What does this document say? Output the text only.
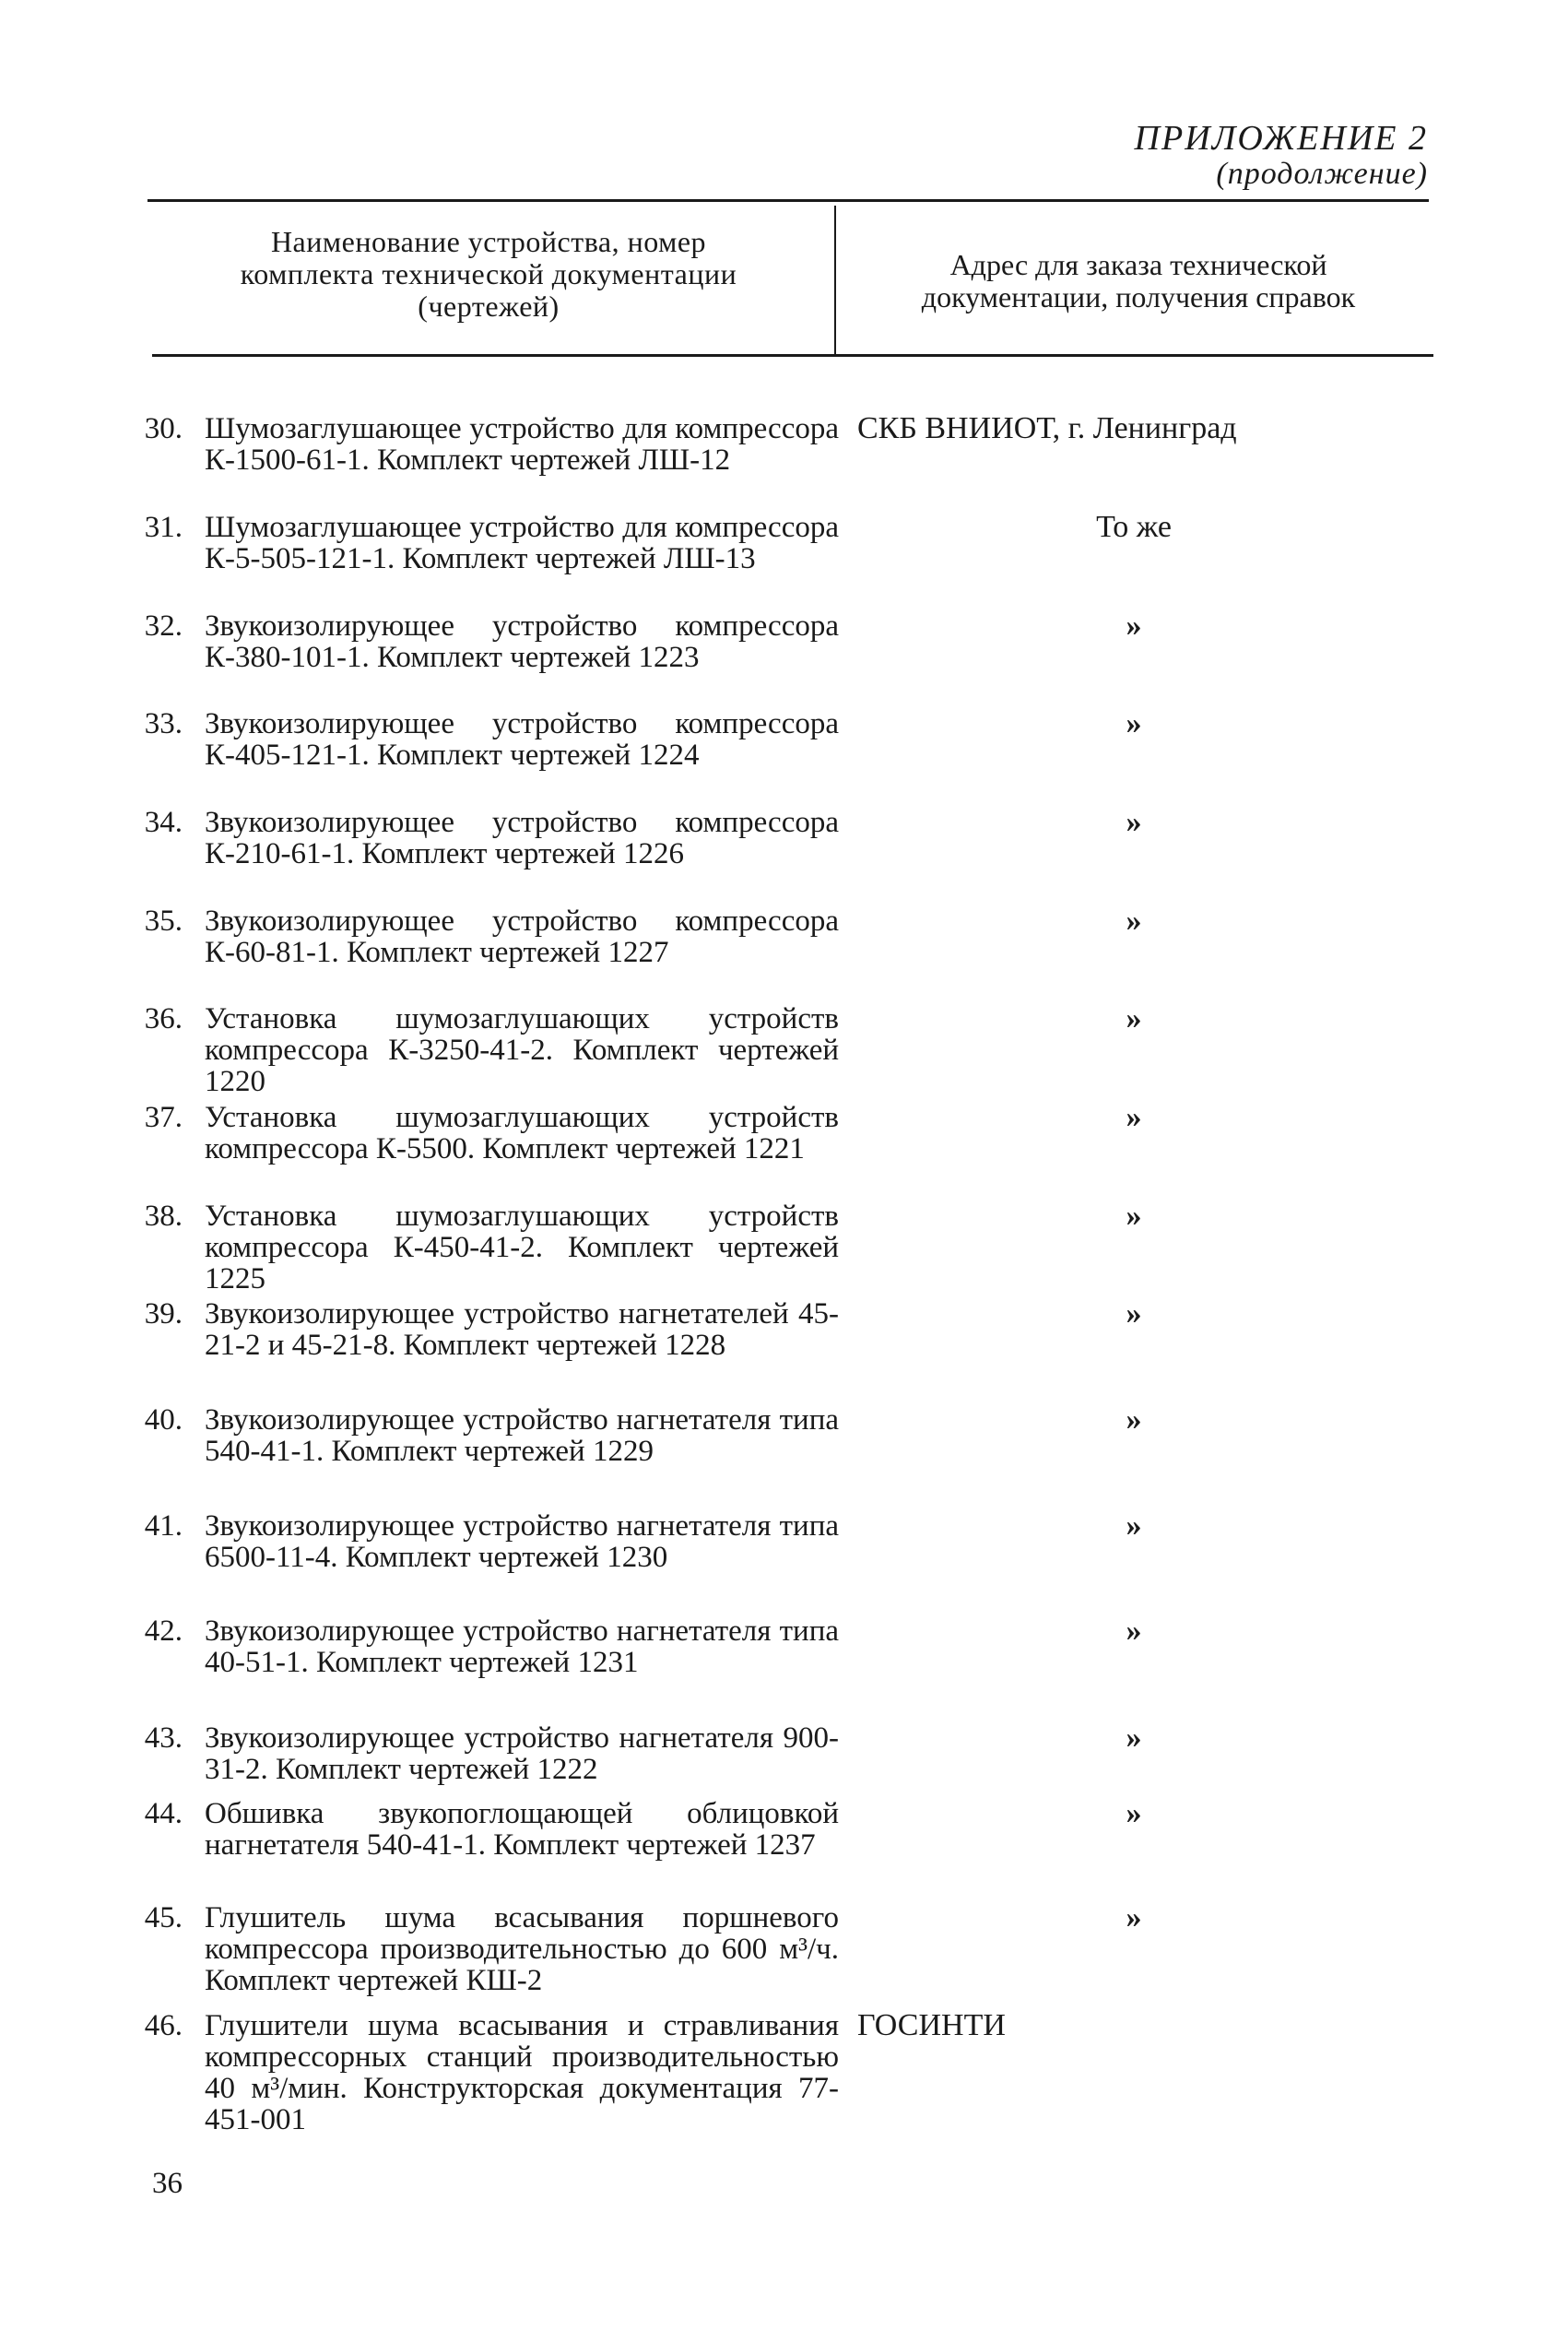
ПРИЛОЖЕНИЕ 2
(продолжение)
Наименование устройства, номер
комплекта технической документации
(чертежей)
Адрес для заказа технической
документации, получения справок
30. Шумозаглушающее устройство для компрессора К-1500-61-1. Комплект чертежей ЛШ-12
СКБ ВНИИОТ, г. Ленинград
31. Шумозаглушающее устройство для компрессора К-5-505-121-1. Комплект чертежей ЛШ-13
То же
32. Звукоизолирующее устройство компрессора К-380-101-1. Комплект чертежей 1223
»
33. Звукоизолирующее устройство компрессора К-405-121-1. Комплект чертежей 1224
»
34. Звукоизолирующее устройство компрессора К-210-61-1. Комплект чертежей 1226
»
35. Звукоизолирующее устройство компрессора К-60-81-1. Комплект чертежей 1227
»
36. Установка шумозаглушающих устройств компрессора К-3250-41-2. Комплект чертежей 1220
»
37. Установка шумозаглушающих устройств компрессора К-5500. Комплект чертежей 1221
»
38. Установка шумозаглушающих устройств компрессора К-450-41-2. Комплект чертежей 1225
»
39. Звукоизолирующее устройство нагнетателей 45-21-2 и 45-21-8. Комплект чертежей 1228
»
40. Звукоизолирующее устройство нагнетателя типа 540-41-1. Комплект чертежей 1229
»
41. Звукоизолирующее устройство нагнетателя типа 6500-11-4. Комплект чертежей 1230
»
42. Звукоизолирующее устройство нагнетателя типа 40-51-1. Комплект чертежей 1231
»
43. Звукоизолирующее устройство нагнетателя 900-31-2. Комплект чертежей 1222
»
44. Обшивка звукопоглощающей облицовкой нагнетателя 540-41-1. Комплект чертежей 1237
»
45. Глушитель шума всасывания поршневого компрессора производительностью до 600 м³/ч. Комплект чертежей КШ-2
»
46. Глушители шума всасывания и стравливания компрессорных станций производительностью 40 м³/мин. Конструкторская документация 77-451-001
ГОСИНТИ
36
